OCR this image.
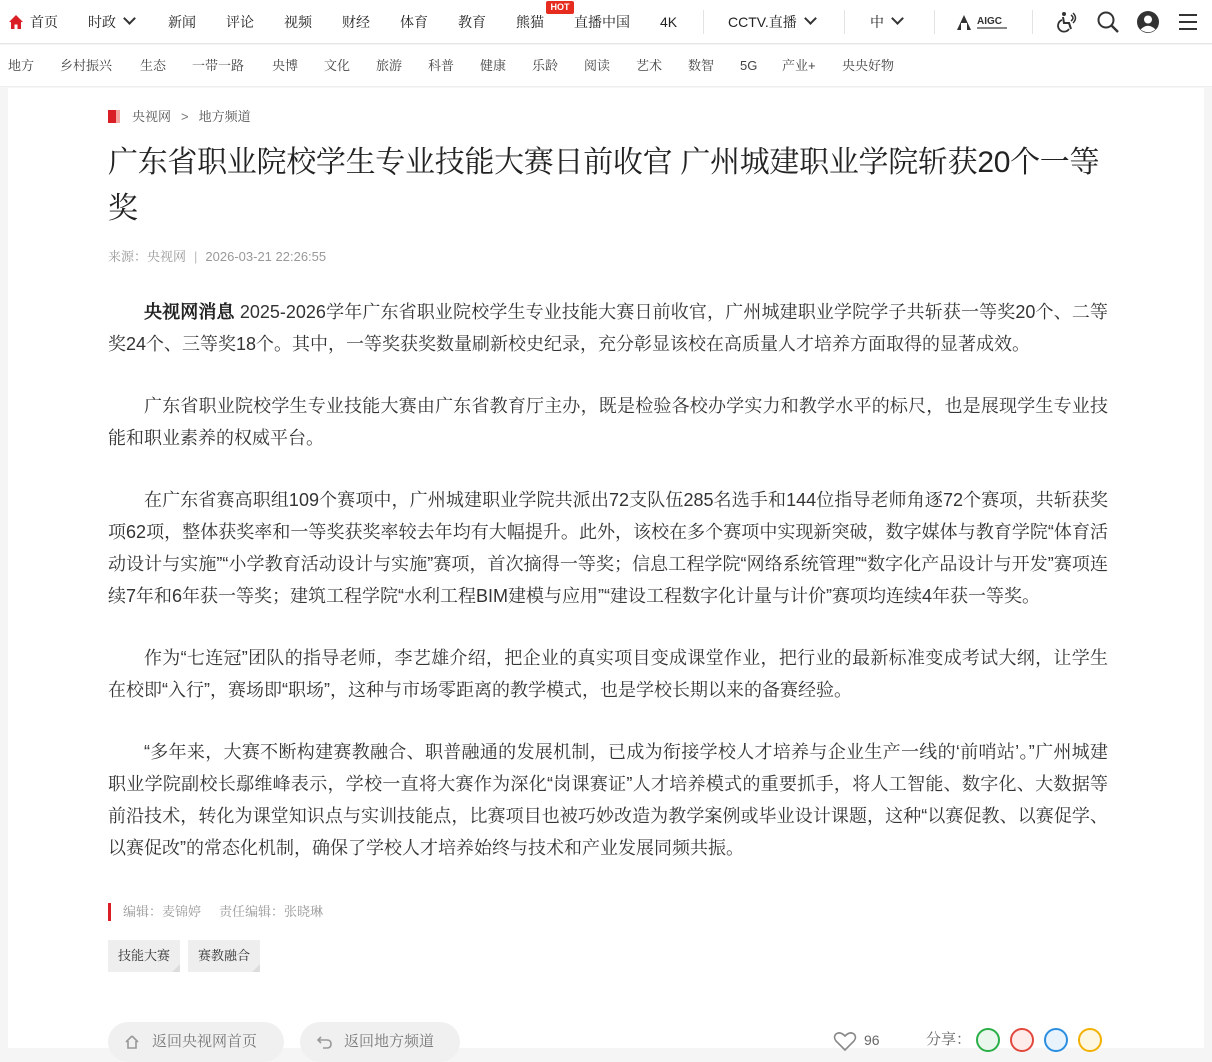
首页 时政	新闻 评论 视频 财经 体育 教育 熊猫
HOT
直播中国 4K	CCTV.直播	中	AIGC
地方 乡村振兴 生态 一带一路 央博 文化 旅游 科普 健康 乐龄 阅读 艺术 数智 5G 产业+ 央央好物
央视网 > 地方频道
广东省职业院校学生专业技能大赛日前收官 广州城建职业学院斩获20个一等奖
来源：央视网 | 2026-03-21 22:26:55

央视网消息 2025-2026学年广东省职业院校学生专业技能大赛日前收官，广州城建职业学院学子共斩获一等奖20个、二等奖24个、三等奖18个。其中，一等奖获奖数量刷新校史纪录，充分彰显该校在高质量人才培养方面取得的显著成效。

广东省职业院校学生专业技能大赛由广东省教育厅主办，既是检验各校办学实力和教学水平的标尺，也是展现学生专业技能和职业素养的权威平台。

在广东省赛高职组109个赛项中，广州城建职业学院共派出72支队伍285名选手和144位指导老师角逐72个赛项，共斩获奖项62项，整体获奖率和一等奖获奖率较去年均有大幅提升。此外，该校在多个赛项中实现新突破，数字媒体与教育学院“体育活动设计与实施”“小学教育活动设计与实施”赛项，首次摘得一等奖；信息工程学院“网络系统管理”“数字化产品设计与开发”赛项连续7年和6年获一等奖；建筑工程学院“水利工程BIM建模与应用”“建设工程数字化计量与计价”赛项均连续4年获一等奖。

作为“七连冠”团队的指导老师，李艺雄介绍，把企业的真实项目变成课堂作业，把行业的最新标准变成考试大纲，让学生在校即“入行”，赛场即“职场”，这种与市场零距离的教学模式，也是学校长期以来的备赛经验。

“多年来，大赛不断构建赛教融合、职普融通的发展机制，已成为衔接学校人才培养与企业生产一线的‘前哨站’。”广州城建职业学院副校长鄢维峰表示，学校一直将大赛作为深化“岗课赛证”人才培养模式的重要抓手，将人工智能、数字化、大数据等前沿技术，转化为课堂知识点与实训技能点，比赛项目也被巧妙改造为教学案例或毕业设计课题，这种“以赛促教、以赛促学、以赛促改”的常态化机制，确保了学校人才培养始终与技术和产业发展同频共振。

编辑：麦锦婷 责任编辑：张晓琳
技能大赛 赛教融合
返回央视网首页	返回地方频道	96	分享：
